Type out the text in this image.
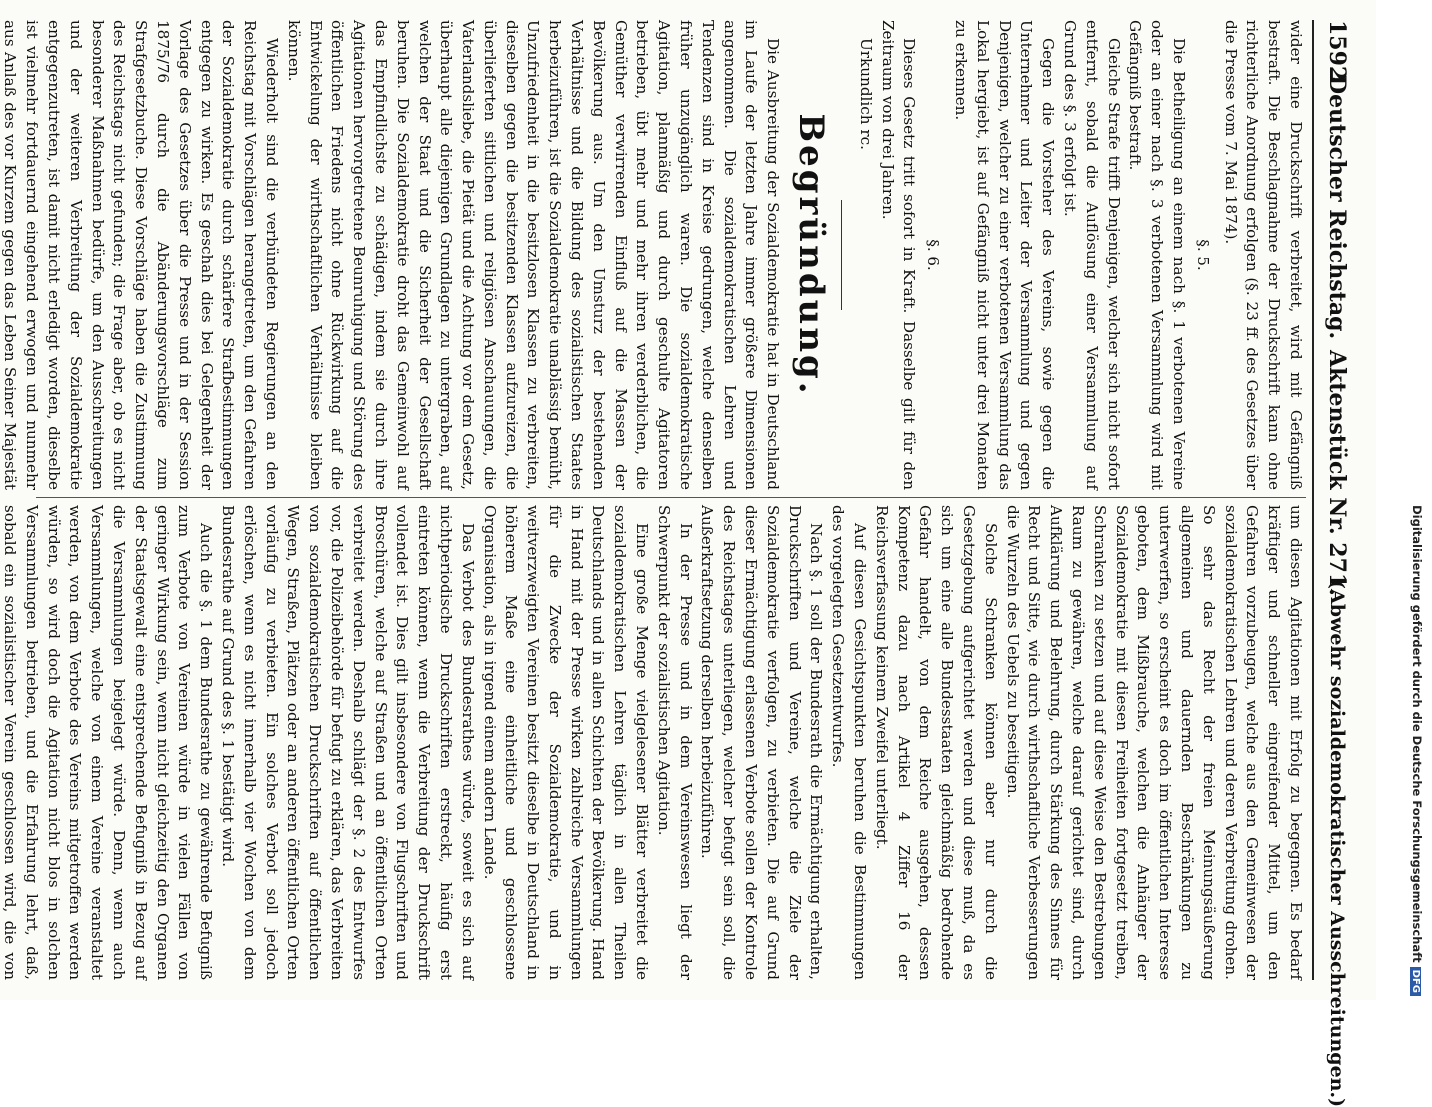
1592
Deutscher Reichstag.
Aktenstück Nr. 271.
(Abwehr sozialdemokratischer Ausschreitungen.)

wider eine Druckschrift verbreitet, wird mit Gefängniß bestraft. Die Beschlagnahme der Druckschrift kann ohne richterliche Anordnung erfolgen (§. 23 ff. des Gesetzes über die Presse vom 7. Mai 1874).

§. 5.

Die Betheiligung an einem nach §. 1 verbotenen Vereine oder an einer nach §. 3 verbotenen Versammlung wird mit Gefängniß bestraft.

Gleiche Strafe trifft Denjenigen, welcher sich nicht sofort entfernt, sobald die Auflösung einer Versammlung auf Grund des §. 3 erfolgt ist.

Gegen die Vorsteher des Vereins, sowie gegen die Unternehmer und Leiter der Versammlung und gegen Denjenigen, welcher zu einer verbotenen Versammlung das Lokal hergiebt, ist auf Gefängniß nicht unter drei Monaten zu erkennen.

§. 6.

Dieses Gesetz tritt sofort in Kraft. Dasselbe gilt für den Zeitraum von drei Jahren.

Urkundlich rc.

Begründung.

Die Ausbreitung der Sozialdemokratie hat in Deutschland im Laufe der letzten Jahre immer größere Dimensionen angenommen. Die sozialdemokratischen Lehren und Tendenzen sind in Kreise gedrungen, welche denselben früher unzugänglich waren. Die sozialdemokratische Agitation, planmäßig und durch geschulte Agitatoren betrieben, übt mehr und mehr ihren verderblichen, die Gemüther verwirrenden Einfluß auf die Massen der Bevölkerung aus. Um den Umsturz der bestehenden Verhältnisse und die Bildung des sozialistischen Staates herbeizuführen, ist die Sozialdemokratie unablässig bemüht, Unzufriedenheit in die besitzlosen Klassen zu verbreiten, dieselben gegen die besitzenden Klassen aufzureizen, die überlieferten sittlichen und religiösen Anschauungen, die Vaterlandsliebe, die Pietät und die Achtung vor dem Gesetz, überhaupt alle diejenigen Grundlagen zu untergraben, auf welchen der Staat und die Sicherheit der Gesellschaft beruhen. Die Sozialdemokratie droht das Gemeinwohl auf das Empfindlichste zu schädigen, indem sie durch ihre Agitationen hervorgetretene Beunruhigung und Störung des öffentlichen Friedens nicht ohne Rückwirkung auf die Entwickelung der wirthschaftlichen Verhältnisse bleiben können.

Wiederholt sind die verbündeten Regierungen an den Reichstag mit Vorschlägen herangetreten, um den Gefahren der Sozialdemokratie durch schärfere Strafbestimmungen entgegen zu wirken. Es geschah dies bei Gelegenheit der Vorlage des Gesetzes über die Presse und in der Session 1875/76 durch die Abänderungsvorschläge zum Strafgesetzbuche. Diese Vorschläge haben die Zustimmung des Reichstags nicht gefunden; die Frage aber, ob es nicht besonderer Maßnahmen bedürfe, um den Ausschreitungen und der weiteren Verbreitung der Sozialdemokratie entgegenzutreten, ist damit nicht erledigt worden, dieselbe ist vielmehr fortdauernd eingehend erwogen und nunmehr aus Anlaß des vor Kurzem gegen das Leben Seiner Majestät

um diesen Agitationen mit Erfolg zu begegnen. Es bedarf kräftiger und schneller eingreifender Mittel, um den Gefahren vorzubeugen, welche aus den Gemeinwesen der sozialdemokratischen Lehren und deren Verbreitung drohen. So sehr das Recht der freien Meinungsäußerung allgemeinen und dauernden Beschränkungen zu unterwerfen, so erscheint es doch im öffentlichen Interesse geboten, dem Mißbrauche, welchen die Anhänger der Sozialdemokratie mit diesen Freiheiten fortgesetzt treiben, Schranken zu setzen und auf diese Weise den Bestrebungen Raum zu gewähren, welche darauf gerichtet sind, durch Aufklärung und Belehrung, durch Stärkung des Sinnes für Recht und Sitte, wie durch wirthschaftliche Verbesserungen die Wurzeln des Uebels zu beseitigen.

Solche Schranken können aber nur durch die Gesetzgebung aufgerichtet werden und diese muß, da es sich um eine alle Bundesstaaten gleichmäßig bedrohende Gefahr handelt, von dem Reiche ausgehen, dessen Kompetenz dazu nach Artikel 4 Ziffer 16 der Reichsverfassung keinem Zweifel unterliegt.

Auf diesen Gesichtspunkten beruhen die Bestimmungen des vorgelegten Gesetzentwurfes.

Nach §. 1 soll der Bundesrath die Ermächtigung erhalten, Druckschriften und Vereine, welche die Ziele der Sozialdemokratie verfolgen, zu verbieten. Die auf Grund dieser Ermächtigung erlassenen Verbote sollen der Kontrole des Reichstages unterliegen, welcher befugt sein soll, die Außerkraftsetzung derselben herbeizuführen.

In der Presse und in dem Vereinswesen liegt der Schwerpunkt der sozialistischen Agitation.

Eine große Menge vielgelesener Blätter verbreitet die sozialdemokratischen Lehren täglich in allen Theilen Deutschlands und in allen Schichten der Bevölkerung. Hand in Hand mit der Presse wirken zahlreiche Versammlungen für die Zwecke der Sozialdemokratie, und in weitverzweigten Vereinen besitzt dieselbe in Deutschland in höherem Maße eine einheitliche und geschlossene Organisation, als in irgend einem andern Lande.

Das Verbot des Bundesrathes würde, soweit es sich auf nichtperiodische Druckschriften erstreckt, häufig erst eintreten können, wenn die Verbreitung der Druckschrift vollendet ist. Dies gilt insbesondere von Flugschriften und Broschüren, welche auf Straßen und an öffentlichen Orten verbreitet werden. Deshalb schlägt der §. 2 des Entwurfes vor, die Polizeibehörde für befugt zu erklären, das Verbreiten von sozialdemokratischen Druckschriften auf öffentlichen Wegen, Straßen, Plätzen oder an anderen öffentlichen Orten vorläufig zu verbieten. Ein solches Verbot soll jedoch erlöschen, wenn es nicht innerhalb vier Wochen von dem Bundesrathe auf Grund des §. 1 bestätigt wird.

Auch die §. 1 dem Bundesrathe zu gewährende Befugniß zum Verbote von Vereinen würde in vielen Fällen von geringer Wirkung sein, wenn nicht gleichzeitig den Organen der Staatsgewalt eine entsprechende Befugniß in Bezug auf die Versammlungen beigelegt würde. Denn, wenn auch Versammlungen, welche von einem Vereine veranstaltet werden, von dem Verbote des Vereins mitgetroffen werden würden, so wird doch die Agitation nicht blos in solchen Versammlungen betrieben, und die Erfahrung lehrt, daß, sobald ein sozialistischer Verein geschlossen wird, die von

Digitalisierung gefördert durch die Deutsche ForschungsgemeinschaftDFG
